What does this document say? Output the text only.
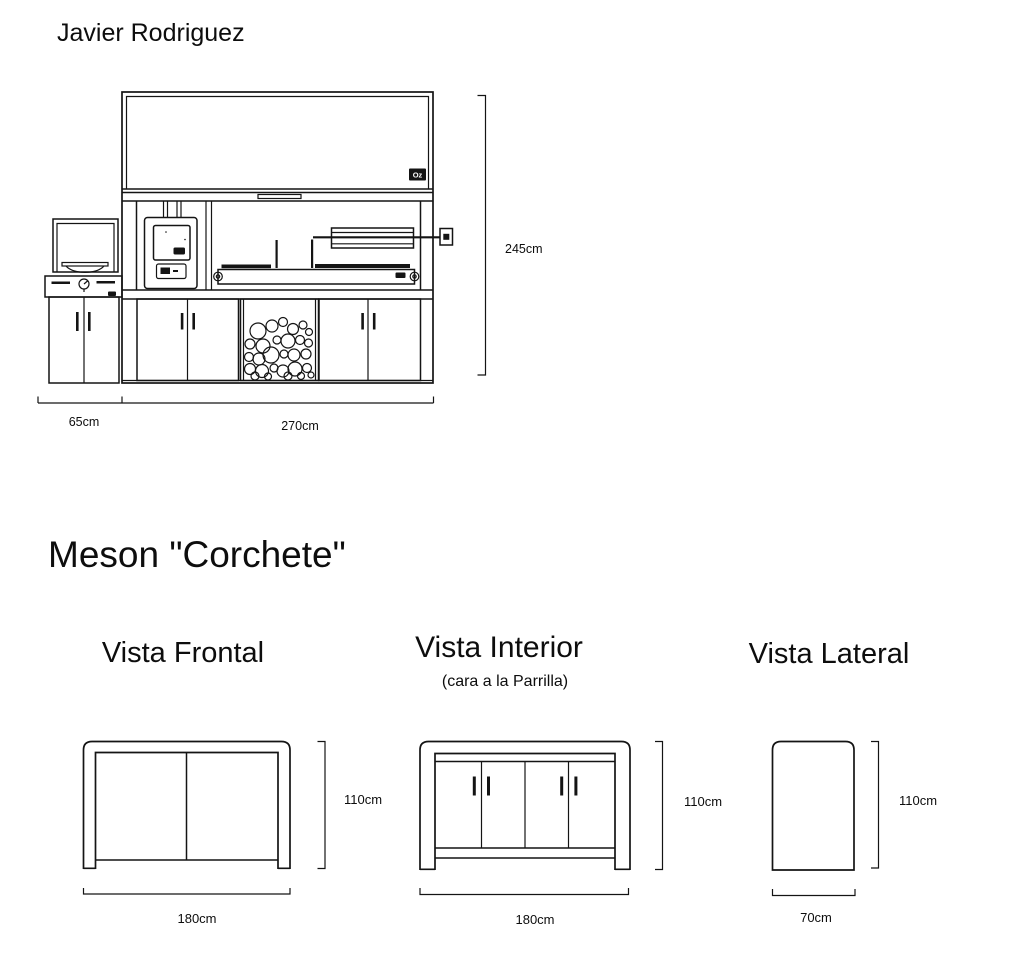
Oz
Javier Rodriguez
245cm
65cm	270cm
Meson "Corchete"
Vista Frontal	Vista Interior
(cara a la Parrilla)
Vista Lateral
110cm
180cm
110cm
180cm
110cm
70cm
